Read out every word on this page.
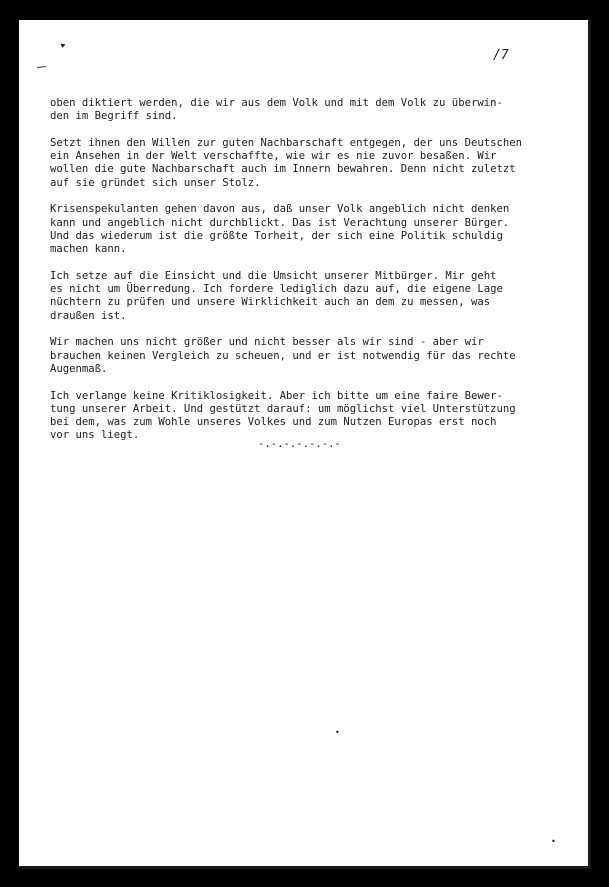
▸
/
•
•
/7

oben diktiert werden, die wir aus dem Volk und mit dem Volk zu überwin-
den im Begriff sind.

Setzt ihnen den Willen zur guten Nachbarschaft entgegen, der uns Deutschen
ein Ansehen in der Welt verschaffte, wie wir es nie zuvor besaßen. Wir
wollen die gute Nachbarschaft auch im Innern bewahren. Denn nicht zuletzt
auf sie gründet sich unser Stolz.

Krisenspekulanten gehen davon aus, daß unser Volk angeblich nicht denken
kann und angeblich nicht durchblickt. Das ist Verachtung unserer Bürger.
Und das wiederum ist die größte Torheit, der sich eine Politik schuldig
machen kann.

Ich setze auf die Einsicht und die Umsicht unserer Mitbürger. Mir geht
es nicht um Überredung. Ich fordere lediglich dazu auf, die eigene Lage
nüchtern zu prüfen und unsere Wirklichkeit auch an dem zu messen, was
draußen ist.

Wir machen uns nicht größer und nicht besser als wir sind - aber wir
brauchen keinen Vergleich zu scheuen, und er ist notwendig für das rechte
Augenmaß.

Ich verlange keine Kritiklosigkeit. Aber ich bitte um eine faire Bewer-
tung unserer Arbeit. Und gestützt darauf: um möglichst viel Unterstützung
bei dem, was zum Wohle unseres Volkes und zum Nutzen Europas erst noch
vor uns liegt.

-.-.-.-.-.-.-
